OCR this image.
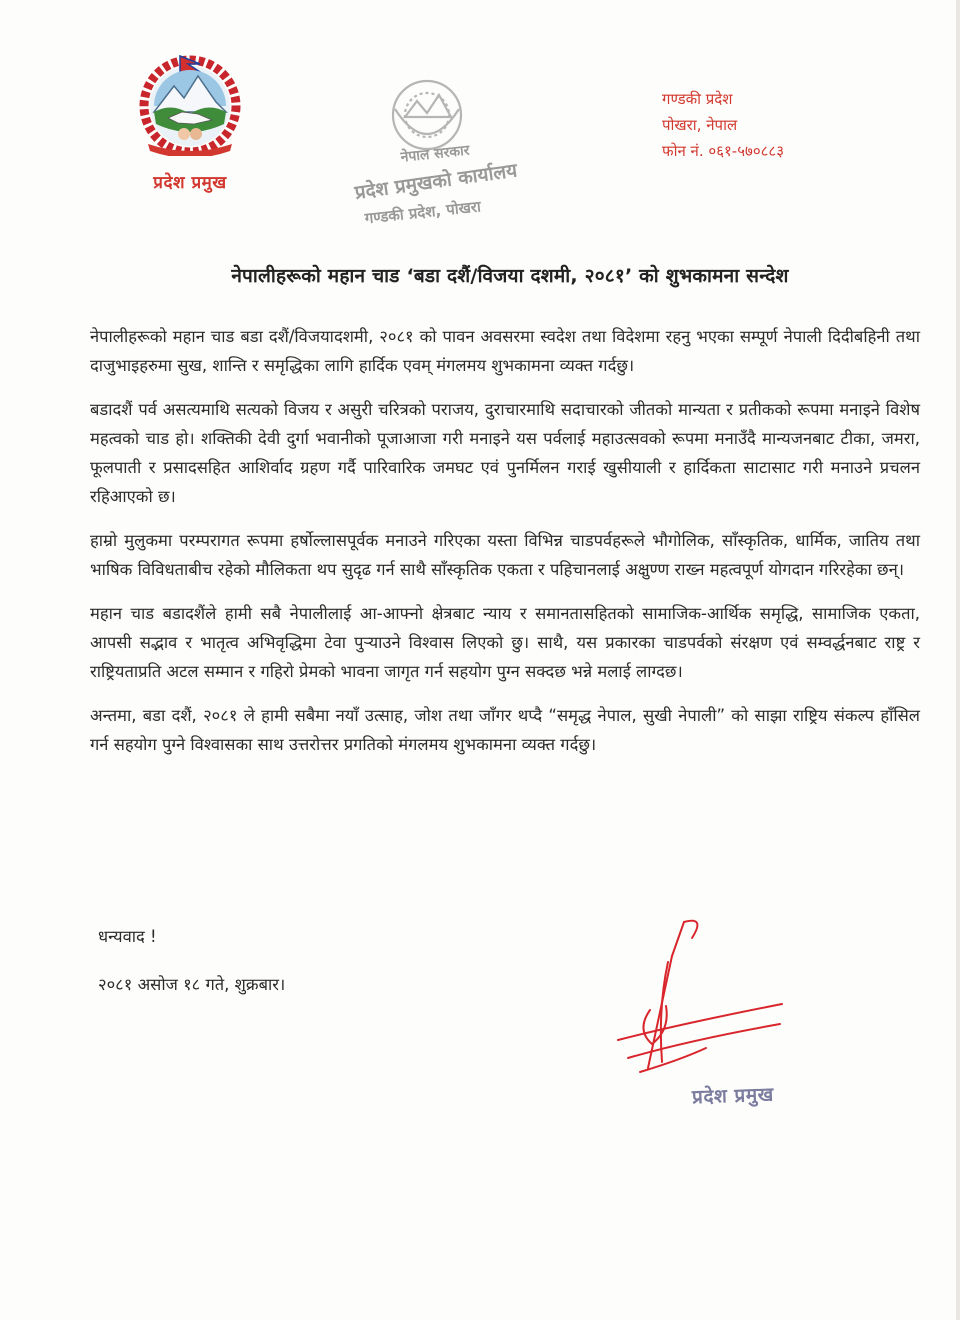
प्रदेश प्रमुख
नेपाल सरकार
प्रदेश प्रमुखको कार्यालय
गण्डकी प्रदेश, पोखरा
गण्डकी प्रदेश
पोखरा, नेपाल
फोन नं. ०६१-५७०८८३
नेपालीहरूको महान चाड ‘बडा दशैं/विजया दशमी, २०८१’ को शुभकामना सन्देश

नेपालीहरूको महान चाड बडा दशैं/विजयादशमी, २०८१ को पावन अवसरमा स्वदेश तथा विदेशमा रहनु भएका सम्पूर्ण नेपाली दिदीबहिनी तथा दाजुभाइहरुमा सुख, शान्ति र समृद्धिका लागि हार्दिक एवम् मंगलमय शुभकामना व्यक्त गर्दछु।

बडादशैं पर्व असत्यमाथि सत्यको विजय र असुरी चरित्रको पराजय, दुराचारमाथि सदाचारको जीतको मान्यता र प्रतीकको रूपमा मनाइने विशेष महत्वको चाड हो। शक्तिकी देवी दुर्गा भवानीको पूजाआजा गरी मनाइने यस पर्वलाई महाउत्सवको रूपमा मनाउँदै मान्यजनबाट टीका, जमरा, फूलपाती र प्रसादसहित आशिर्वाद ग्रहण गर्दै पारिवारिक जमघट एवं पुनर्मिलन गराई खुसीयाली र हार्दिकता साटासाट गरी मनाउने प्रचलन रहिआएको छ।

हाम्रो मुलुकमा परम्परागत रूपमा हर्षोल्लासपूर्वक मनाउने गरिएका यस्ता विभिन्न चाडपर्वहरूले भौगोलिक, साँस्कृतिक, धार्मिक, जातिय तथा भाषिक विविधताबीच रहेको मौलिकता थप सुदृढ गर्न साथै साँस्कृतिक एकता र पहिचानलाई अक्षुण्ण राख्न महत्वपूर्ण योगदान गरिरहेका छन्।

महान चाड बडादशैंले हामी सबै नेपालीलाई आ-आफ्नो क्षेत्रबाट न्याय र समानतासहितको सामाजिक-आर्थिक समृद्धि, सामाजिक एकता, आपसी सद्भाव र भातृत्व अभिवृद्धिमा टेवा पुऱ्याउने विश्वास लिएको छु। साथै, यस प्रकारका चाडपर्वको संरक्षण एवं सम्वर्द्धनबाट राष्ट्र र राष्ट्रियताप्रति अटल सम्मान र गहिरो प्रेमको भावना जागृत गर्न सहयोग पुग्न सक्दछ भन्ने मलाई लाग्दछ।

अन्तमा, बडा दशैं, २०८१ ले हामी सबैमा नयाँ उत्साह, जोश तथा जाँगर थप्दै “समृद्ध नेपाल, सुखी नेपाली” को साझा राष्ट्रिय संकल्प हाँसिल गर्न सहयोग पुग्ने विश्वासका साथ उत्तरोत्तर प्रगतिको मंगलमय शुभकामना व्यक्त गर्दछु।

धन्यवाद !
२०८१ असोज १८ गते, शुक्रबार।
प्रदेश प्रमुख
